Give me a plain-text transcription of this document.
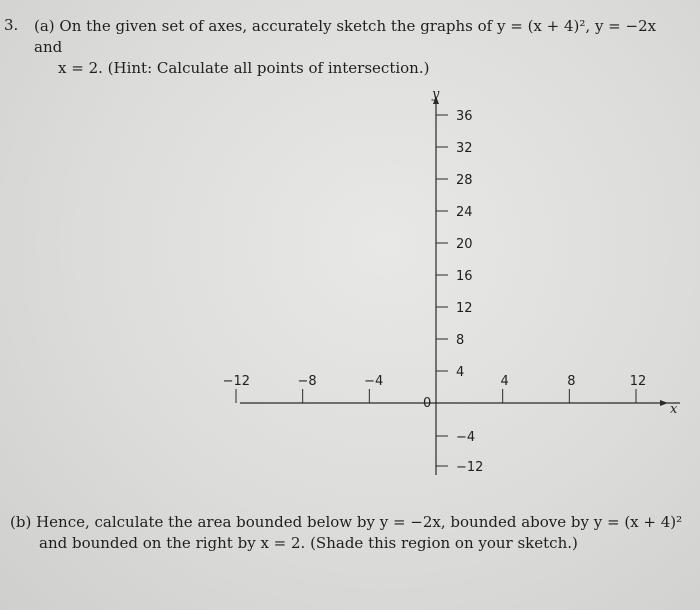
3. (a) On the given set of axes, accurately sketch the graphs of y = (x + 4)², y = −2x and
x = 2. (Hint: Calculate all points of intersection.)
y
x
0
36
32
28
24
20
16
12
8
4
−4
−12
−12	−8	−4	4	8	12
(b) Hence, calculate the area bounded below by y = −2x, bounded above by y = (x + 4)²
and bounded on the right by x = 2. (Shade this region on your sketch.)
